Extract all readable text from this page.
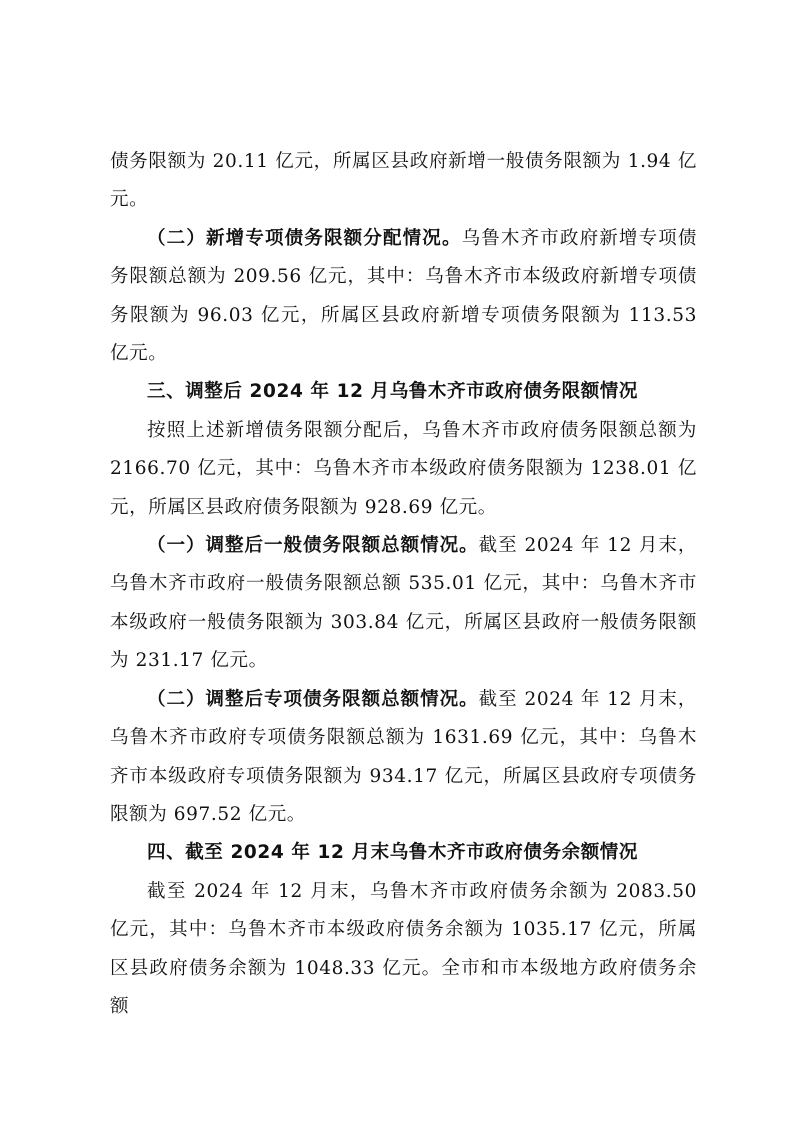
债务限额为 20.11 亿元，所属区县政府新增一般债务限额为 1.94 亿元。

（二）新增专项债务限额分配情况。乌鲁木齐市政府新增专项债务限额总额为 209.56 亿元，其中：乌鲁木齐市本级政府新增专项债务限额为 96.03 亿元，所属区县政府新增专项债务限额为 113.53 亿元。

三、调整后 2024 年 12 月乌鲁木齐市政府债务限额情况

按照上述新增债务限额分配后，乌鲁木齐市政府债务限额总额为 2166.70 亿元，其中：乌鲁木齐市本级政府债务限额为 1238.01 亿元，所属区县政府债务限额为 928.69 亿元。

（一）调整后一般债务限额总额情况。截至 2024 年 12 月末，乌鲁木齐市政府一般债务限额总额 535.01 亿元，其中：乌鲁木齐市本级政府一般债务限额为 303.84 亿元，所属区县政府一般债务限额为 231.17 亿元。

（二）调整后专项债务限额总额情况。截至 2024 年 12 月末，乌鲁木齐市政府专项债务限额总额为 1631.69 亿元，其中：乌鲁木齐市本级政府专项债务限额为 934.17 亿元，所属区县政府专项债务限额为 697.52 亿元。

四、截至 2024 年 12 月末乌鲁木齐市政府债务余额情况

截至 2024 年 12 月末，乌鲁木齐市政府债务余额为 2083.50 亿元，其中：乌鲁木齐市本级政府债务余额为 1035.17 亿元，所属区县政府债务余额为 1048.33 亿元。全市和市本级地方政府债务余额
